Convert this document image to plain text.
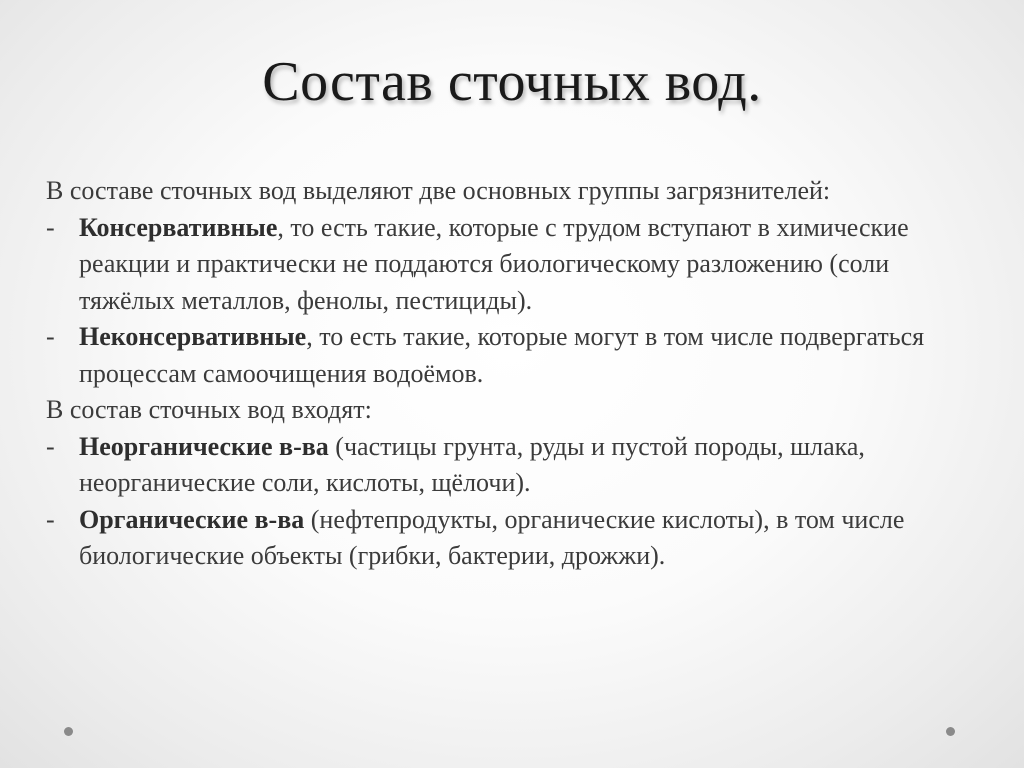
Состав сточных вод.

В составе сточных вод выделяют две основных группы загрязнителей:

- Консервативные, то есть такие, которые с трудом вступают в химические реакции и практически не поддаются биологическому разложению (соли тяжёлых металлов, фенолы, пестициды).
- Неконсервативные, то есть такие, которые могут в том числе подвергаться процессам самоочищения водоёмов.

В состав сточных вод входят:

- Неорганические в-ва (частицы грунта, руды и пустой породы, шлака, неорганические соли, кислоты, щёлочи).
- Органические в-ва (нефтепродукты, органические кислоты), в том числе биологические объекты (грибки, бактерии, дрожжи).
